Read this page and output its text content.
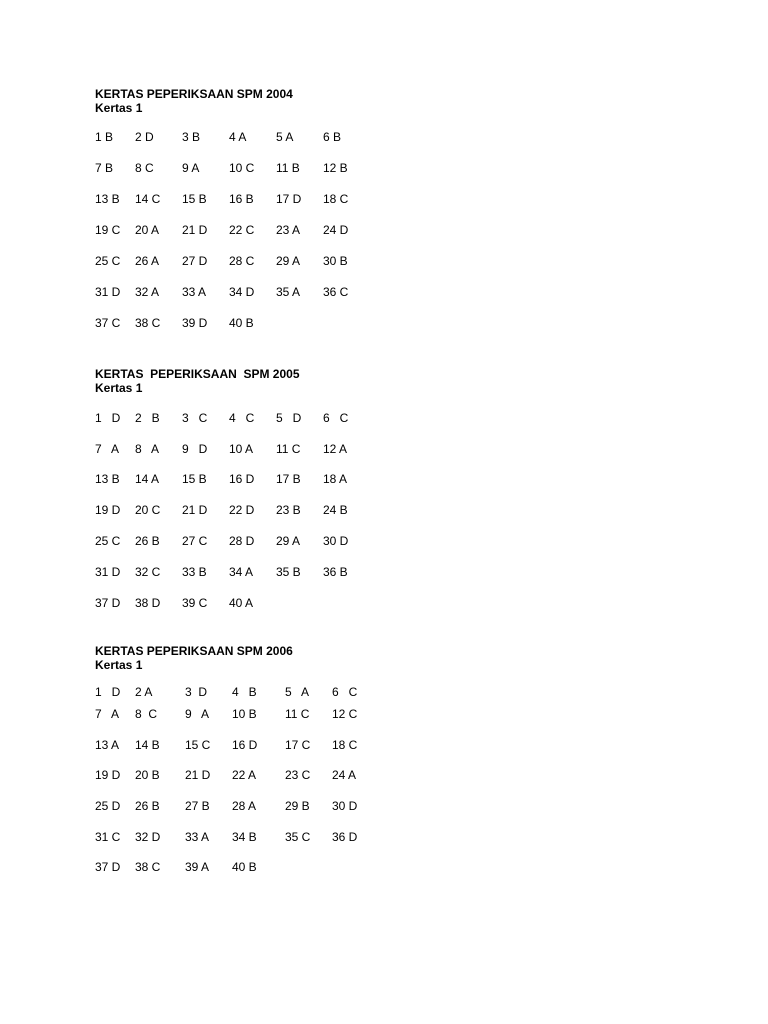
KERTAS PEPERIKSAAN SPM 2004
Kertas 1
1 B 2 D 3 B 4 A 5 A 6 B
7 B 8 C 9 A 10 C 11 B 12 B
13 B 14 C 15 B 16 B 17 D 18 C
19 C 20 A 21 D 22 C 23 A 24 D
25 C 26 A 27 D 28 C 29 A 30 B
31 D 32 A 33 A 34 D 35 A 36 C
37 C 38 C 39 D 40 B
KERTAS  PEPERIKSAAN  SPM 2005
Kertas 1
1   D 2   B 3   C 4   C 5   D 6   C
7   A 8   A 9   D 10 A 11 C 12 A
13 B 14 A 15 B 16 D 17 B 18 A
19 D 20 C 21 D 22 D 23 B 24 B
25 C 26 B 27 C 28 D 29 A 30 D
31 D 32 C 33 B 34 A 35 B 36 B
37 D 38 D 39 C 40 A
KERTAS PEPERIKSAAN SPM 2006
Kertas 1
1   D 2 A	3  D 4   B 5   A 6   C
7   A 8  C 9   A 10 B 11 C 12 C
13 A 14 B 15 C 16 D 17 C 18 C
19 D 20 B 21 D 22 A 23 C 24 A
25 D 26 B 27 B 28 A 29 B 30 D
31 C 32 D 33 A 34 B 35 C 36 D
37 D 38 C 39 A 40 B
